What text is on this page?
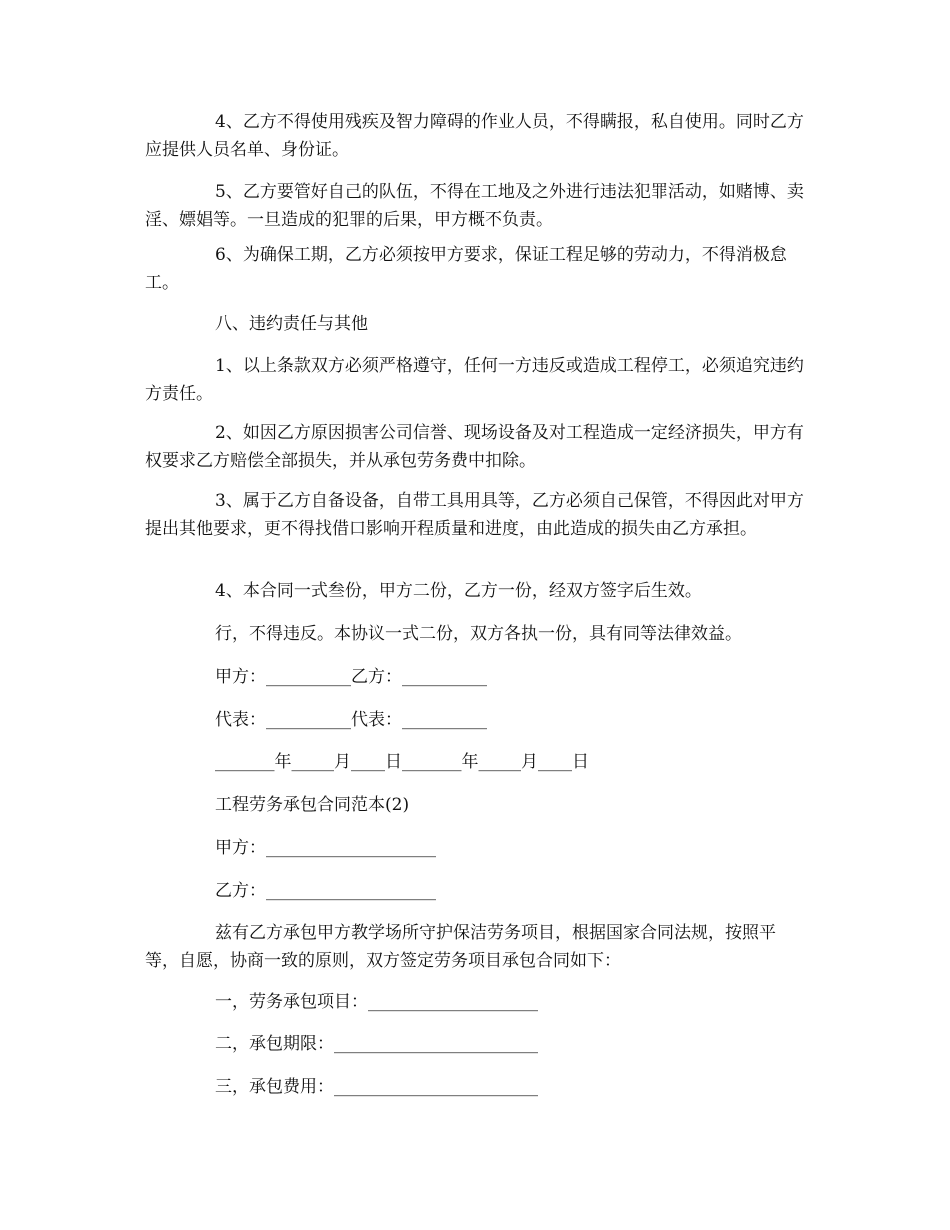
4、乙方不得使用残疾及智力障碍的作业人员，不得瞒报，私自使用。同时乙方应提供人员名单、身份证。

5、乙方要管好自己的队伍，不得在工地及之外进行违法犯罪活动，如赌博、卖淫、嫖娼等。一旦造成的犯罪的后果，甲方概不负责。

6、为确保工期，乙方必须按甲方要求，保证工程足够的劳动力，不得消极怠工。

八、违约责任与其他

1、以上条款双方必须严格遵守，任何一方违反或造成工程停工，必须追究违约方责任。

2、如因乙方原因损害公司信誉、现场设备及对工程造成一定经济损失，甲方有权要求乙方赔偿全部损失，并从承包劳务费中扣除。

3、属于乙方自备设备，自带工具用具等，乙方必须自己保管，不得因此对甲方提出其他要求，更不得找借口影响开程质量和进度，由此造成的损失由乙方承担。

4、本合同一式叁份，甲方二份，乙方一份，经双方签字后生效。

行，不得违反。本协议一式二份，双方各执一份，具有同等法律效益。

甲方：__________乙方：__________

代表：__________代表：__________

_______年_____月____日_______年_____月____日

工程劳务承包合同范本(2)

甲方：____________________

乙方：____________________

兹有乙方承包甲方教学场所守护保洁劳务项目，根据国家合同法规，按照平等，自愿，协商一致的原则，双方签定劳务项目承包合同如下：

一，劳务承包项目：____________________

二，承包期限：________________________

三，承包费用：________________________
